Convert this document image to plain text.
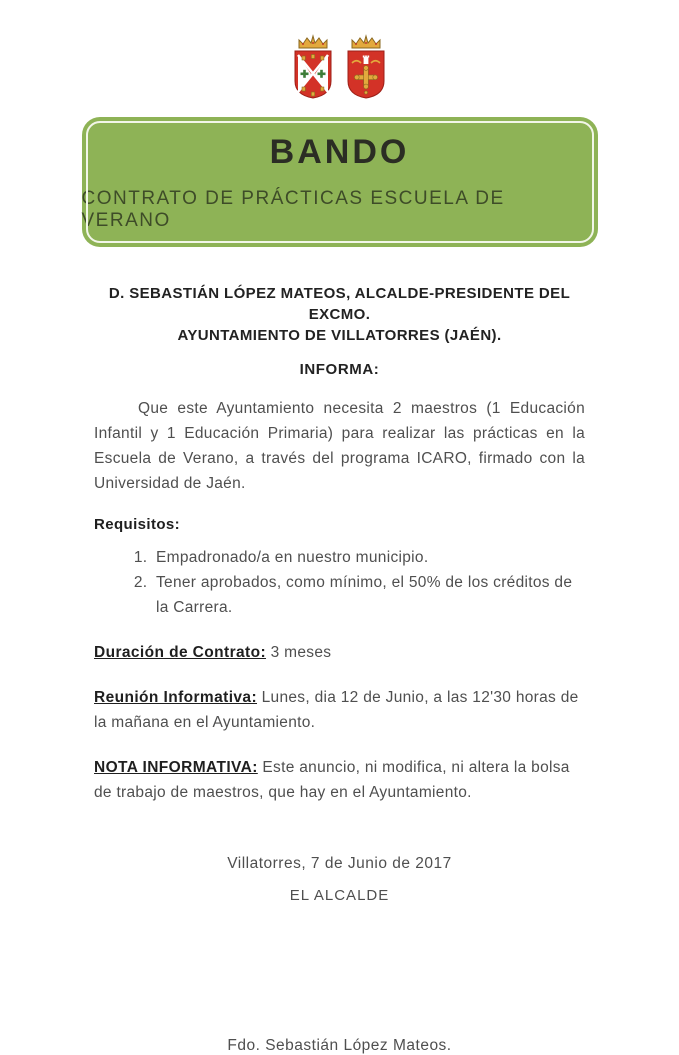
BANDO
CONTRATO DE PRÁCTICAS ESCUELA DE VERANO
D. SEBASTIÁN LÓPEZ MATEOS, ALCALDE-PRESIDENTE DEL EXCMO.
AYUNTAMIENTO DE VILLATORRES (JAÉN).
INFORMA:

Que este Ayuntamiento necesita 2 maestros (1 Educación Infantil y 1 Educación Primaria) para realizar las prácticas en la Escuela de Verano, a través del programa ICARO, firmado con la Universidad de Jaén.

Requisitos:
1. Empadronado/a en nuestro municipio.
2. Tener aprobados, como mínimo, el 50% de los créditos de la Carrera.
Duración de Contrato: 3 meses
Reunión Informativa: Lunes, dia 12 de Junio, a las 12'30 horas de la mañana en el Ayuntamiento.
NOTA INFORMATIVA: Este anuncio, ni modifica, ni altera la bolsa de trabajo de maestros, que hay en el Ayuntamiento.
Villatorres, 7 de Junio de 2017
EL ALCALDE
Fdo. Sebastián López Mateos.
